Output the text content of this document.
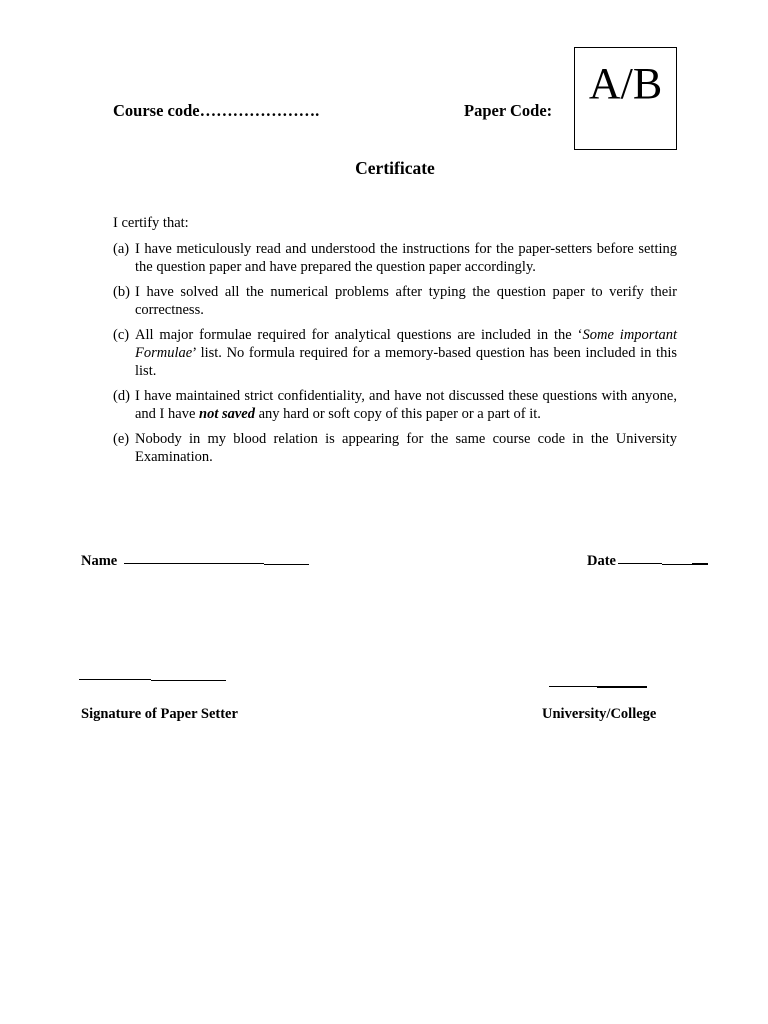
Course code………………….	Paper Code:
A/B
Certificate
I certify that:
(a) I have meticulously read and understood the instructions for the paper-setters before setting the question paper and have prepared the question paper accordingly.
(b) I have solved all the numerical problems after typing the question paper to verify their correctness.
(c) All major formulae required for analytical questions are included in the ‘Some important Formulae’ list. No formula required for a memory-based question has been included in this list.
(d) I have maintained strict confidentiality, and have not discussed these questions with anyone, and I have not saved any hard or soft copy of this paper or a part of it.
(e) Nobody in my blood relation is appearing for the same course code in the University Examination.
Name	Date
Signature of Paper Setter	University/College
